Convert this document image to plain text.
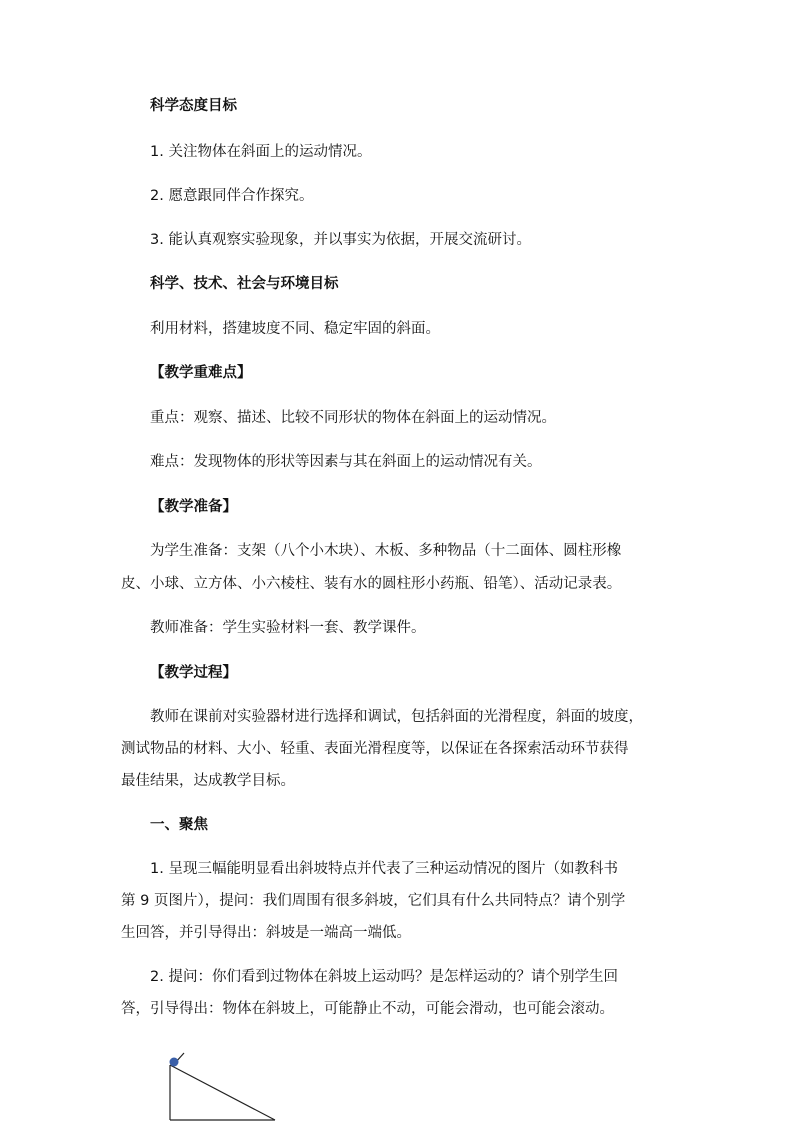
科学态度目标
1. 关注物体在斜面上的运动情况。
2. 愿意跟同伴合作探究。
3. 能认真观察实验现象，并以事实为依据，开展交流研讨。
科学、技术、社会与环境目标
利用材料，搭建坡度不同、稳定牢固的斜面。
【教学重难点】
重点：观察、描述、比较不同形状的物体在斜面上的运动情况。
难点：发现物体的形状等因素与其在斜面上的运动情况有关。
【教学准备】
为学生准备：支架（八个小木块）、木板、多种物品（十二面体、圆柱形橡
皮、小球、立方体、小六棱柱、装有水的圆柱形小药瓶、铅笔）、活动记录表。
教师准备：学生实验材料一套、教学课件。
【教学过程】
教师在课前对实验器材进行选择和调试，包括斜面的光滑程度，斜面的坡度，
测试物品的材料、大小、轻重、表面光滑程度等，以保证在各探索活动环节获得
最佳结果，达成教学目标。
一、聚焦
1. 呈现三幅能明显看出斜坡特点并代表了三种运动情况的图片（如教科书
第 9 页图片），提问：我们周围有很多斜坡，它们具有什么共同特点？请个别学
生回答，并引导得出：斜坡是一端高一端低。
2. 提问：你们看到过物体在斜坡上运动吗？是怎样运动的？请个别学生回
答，引导得出：物体在斜坡上，可能静止不动，可能会滑动，也可能会滚动。
